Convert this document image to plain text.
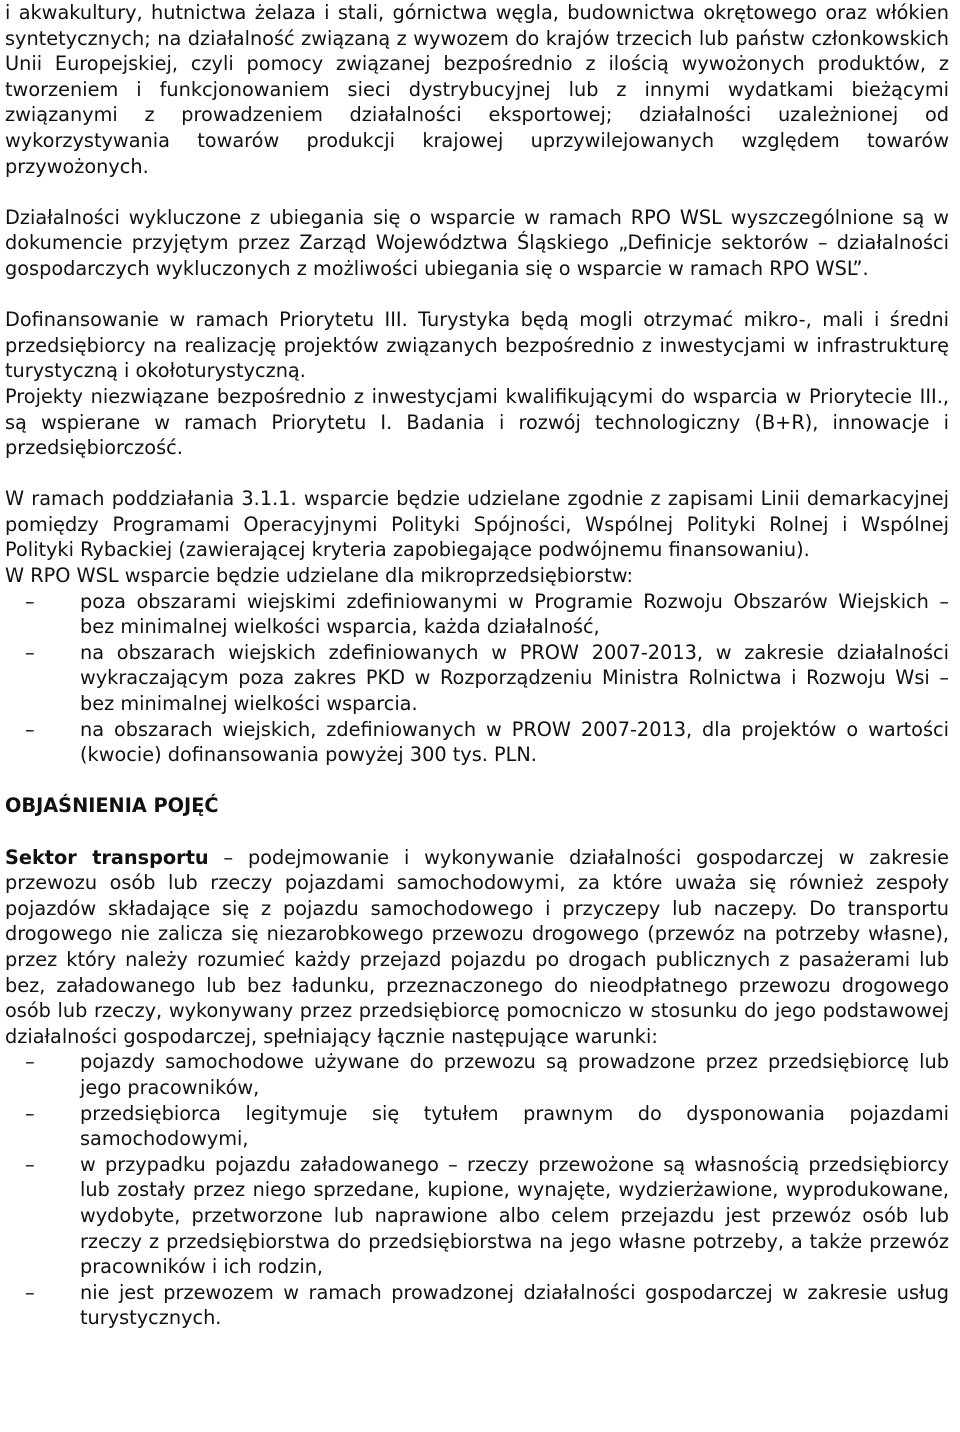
i akwakultury, hutnictwa żelaza i stali, górnictwa węgla, budownictwa okrętowego oraz włókien syntetycznych; na działalność związaną z wywozem do krajów trzecich lub państw członkowskich Unii Europejskiej, czyli pomocy związanej bezpośrednio z ilością wywożonych produktów, z tworzeniem i funkcjonowaniem sieci dystrybucyjnej lub z innymi wydatkami bieżącymi związanymi z prowadzeniem działalności eksportowej; działalności uzależnionej od wykorzystywania towarów produkcji krajowej uprzywilejowanych względem towarów przywożonych.

Działalności wykluczone z ubiegania się o wsparcie w ramach RPO WSL wyszczególnione są w dokumencie przyjętym przez Zarząd Województwa Śląskiego „Definicje sektorów – działalności gospodarczych wykluczonych z możliwości ubiegania się o wsparcie w ramach RPO WSL”.

Dofinansowanie w ramach Priorytetu III. Turystyka będą mogli otrzymać mikro-, mali i średni przedsiębiorcy na realizację projektów związanych bezpośrednio z inwestycjami w infrastrukturę turystyczną i okołoturystyczną.

Projekty niezwiązane bezpośrednio z inwestycjami kwalifikującymi do wsparcia w Priorytecie III., są wspierane w ramach Priorytetu I. Badania i rozwój technologiczny (B+R), innowacje i przedsiębiorczość.

W ramach poddziałania 3.1.1. wsparcie będzie udzielane zgodnie z zapisami Linii demarkacyjnej pomiędzy Programami Operacyjnymi Polityki Spójności, Wspólnej Polityki Rolnej i Wspólnej Polityki Rybackiej (zawierającej kryteria zapobiegające podwójnemu finansowaniu).

W RPO WSL wsparcie będzie udzielane dla mikroprzedsiębiorstw:

–	poza obszarami wiejskimi zdefiniowanymi w Programie Rozwoju Obszarów Wiejskich – bez minimalnej wielkości wsparcia, każda działalność,
–	na obszarach wiejskich zdefiniowanych w PROW 2007-2013, w zakresie działalności wykraczającym poza zakres PKD w Rozporządzeniu Ministra Rolnictwa i Rozwoju Wsi – bez minimalnej wielkości wsparcia.
–	na obszarach wiejskich, zdefiniowanych w PROW 2007-2013, dla projektów o wartości (kwocie) dofinansowania powyżej 300 tys. PLN.

OBJAŚNIENIA POJĘĆ

Sektor transportu – podejmowanie i wykonywanie działalności gospodarczej w zakresie przewozu osób lub rzeczy pojazdami samochodowymi, za które uważa się również zespoły pojazdów składające się z pojazdu samochodowego i przyczepy lub naczepy. Do transportu drogowego nie zalicza się niezarobkowego przewozu drogowego (przewóz na potrzeby własne), przez który należy rozumieć każdy przejazd pojazdu po drogach publicznych z pasażerami lub bez, załadowanego lub bez ładunku, przeznaczonego do nieodpłatnego przewozu drogowego osób lub rzeczy, wykonywany przez przedsiębiorcę pomocniczo w stosunku do jego podstawowej działalności gospodarczej, spełniający łącznie następujące warunki:

–	pojazdy samochodowe używane do przewozu są prowadzone przez przedsiębiorcę lub jego pracowników,
–	przedsiębiorca legitymuje się tytułem prawnym do dysponowania pojazdami samochodowymi,
–	w przypadku pojazdu załadowanego – rzeczy przewożone są własnością przedsiębiorcy lub zostały przez niego sprzedane, kupione, wynajęte, wydzierżawione, wyprodukowane, wydobyte, przetworzone lub naprawione albo celem przejazdu jest przewóz osób lub rzeczy z przedsiębiorstwa do przedsiębiorstwa na jego własne potrzeby, a także przewóz pracowników i ich rodzin,
–	nie jest przewozem w ramach prowadzonej działalności gospodarczej w zakresie usług turystycznych.
